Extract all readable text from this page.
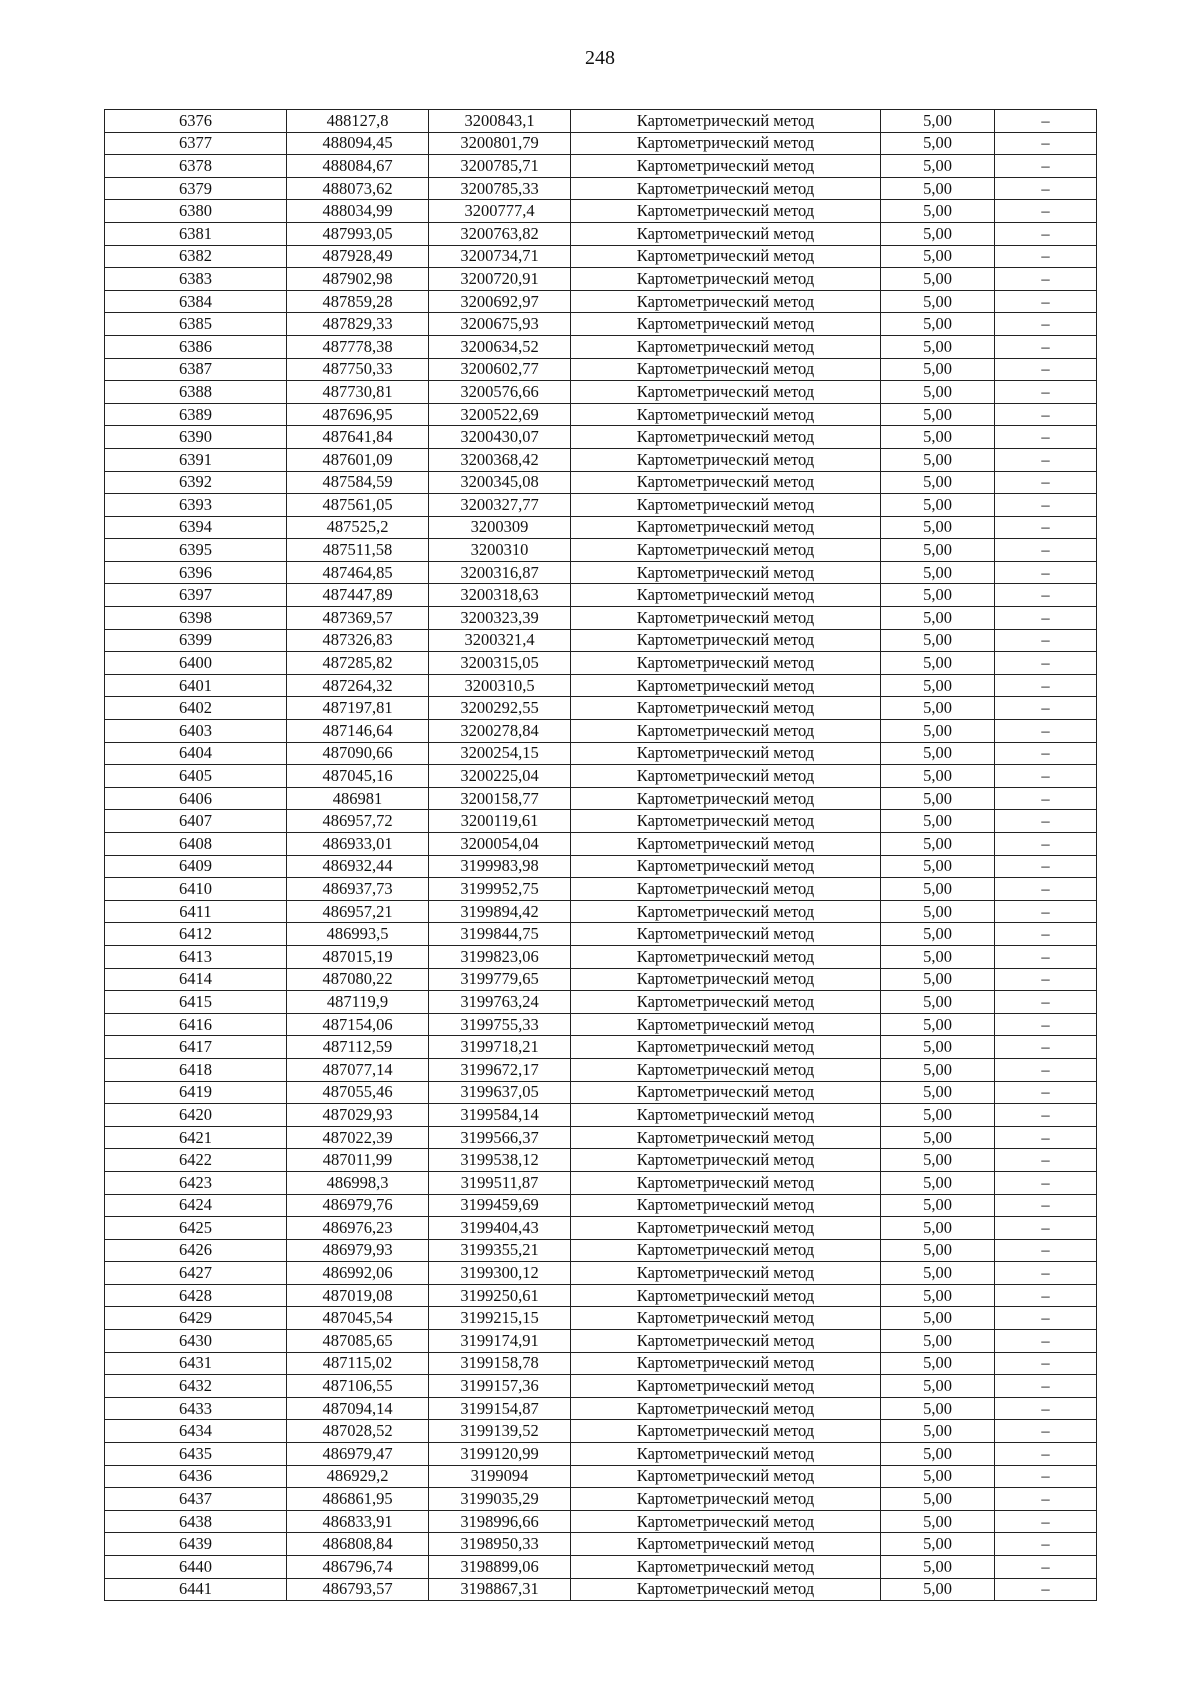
248
6376	488127,8	3200843,1	Картометрический метод	5,00	–
6377	488094,45	3200801,79	Картометрический метод	5,00	–
6378	488084,67	3200785,71	Картометрический метод	5,00	–
6379	488073,62	3200785,33	Картометрический метод	5,00	–
6380	488034,99	3200777,4	Картометрический метод	5,00	–
6381	487993,05	3200763,82	Картометрический метод	5,00	–
6382	487928,49	3200734,71	Картометрический метод	5,00	–
6383	487902,98	3200720,91	Картометрический метод	5,00	–
6384	487859,28	3200692,97	Картометрический метод	5,00	–
6385	487829,33	3200675,93	Картометрический метод	5,00	–
6386	487778,38	3200634,52	Картометрический метод	5,00	–
6387	487750,33	3200602,77	Картометрический метод	5,00	–
6388	487730,81	3200576,66	Картометрический метод	5,00	–
6389	487696,95	3200522,69	Картометрический метод	5,00	–
6390	487641,84	3200430,07	Картометрический метод	5,00	–
6391	487601,09	3200368,42	Картометрический метод	5,00	–
6392	487584,59	3200345,08	Картометрический метод	5,00	–
6393	487561,05	3200327,77	Картометрический метод	5,00	–
6394	487525,2	3200309	Картометрический метод	5,00	–
6395	487511,58	3200310	Картометрический метод	5,00	–
6396	487464,85	3200316,87	Картометрический метод	5,00	–
6397	487447,89	3200318,63	Картометрический метод	5,00	–
6398	487369,57	3200323,39	Картометрический метод	5,00	–
6399	487326,83	3200321,4	Картометрический метод	5,00	–
6400	487285,82	3200315,05	Картометрический метод	5,00	–
6401	487264,32	3200310,5	Картометрический метод	5,00	–
6402	487197,81	3200292,55	Картометрический метод	5,00	–
6403	487146,64	3200278,84	Картометрический метод	5,00	–
6404	487090,66	3200254,15	Картометрический метод	5,00	–
6405	487045,16	3200225,04	Картометрический метод	5,00	–
6406	486981	3200158,77	Картометрический метод	5,00	–
6407	486957,72	3200119,61	Картометрический метод	5,00	–
6408	486933,01	3200054,04	Картометрический метод	5,00	–
6409	486932,44	3199983,98	Картометрический метод	5,00	–
6410	486937,73	3199952,75	Картометрический метод	5,00	–
6411	486957,21	3199894,42	Картометрический метод	5,00	–
6412	486993,5	3199844,75	Картометрический метод	5,00	–
6413	487015,19	3199823,06	Картометрический метод	5,00	–
6414	487080,22	3199779,65	Картометрический метод	5,00	–
6415	487119,9	3199763,24	Картометрический метод	5,00	–
6416	487154,06	3199755,33	Картометрический метод	5,00	–
6417	487112,59	3199718,21	Картометрический метод	5,00	–
6418	487077,14	3199672,17	Картометрический метод	5,00	–
6419	487055,46	3199637,05	Картометрический метод	5,00	–
6420	487029,93	3199584,14	Картометрический метод	5,00	–
6421	487022,39	3199566,37	Картометрический метод	5,00	–
6422	487011,99	3199538,12	Картометрический метод	5,00	–
6423	486998,3	3199511,87	Картометрический метод	5,00	–
6424	486979,76	3199459,69	Картометрический метод	5,00	–
6425	486976,23	3199404,43	Картометрический метод	5,00	–
6426	486979,93	3199355,21	Картометрический метод	5,00	–
6427	486992,06	3199300,12	Картометрический метод	5,00	–
6428	487019,08	3199250,61	Картометрический метод	5,00	–
6429	487045,54	3199215,15	Картометрический метод	5,00	–
6430	487085,65	3199174,91	Картометрический метод	5,00	–
6431	487115,02	3199158,78	Картометрический метод	5,00	–
6432	487106,55	3199157,36	Картометрический метод	5,00	–
6433	487094,14	3199154,87	Картометрический метод	5,00	–
6434	487028,52	3199139,52	Картометрический метод	5,00	–
6435	486979,47	3199120,99	Картометрический метод	5,00	–
6436	486929,2	3199094	Картометрический метод	5,00	–
6437	486861,95	3199035,29	Картометрический метод	5,00	–
6438	486833,91	3198996,66	Картометрический метод	5,00	–
6439	486808,84	3198950,33	Картометрический метод	5,00	–
6440	486796,74	3198899,06	Картометрический метод	5,00	–
6441	486793,57	3198867,31	Картометрический метод	5,00	–
